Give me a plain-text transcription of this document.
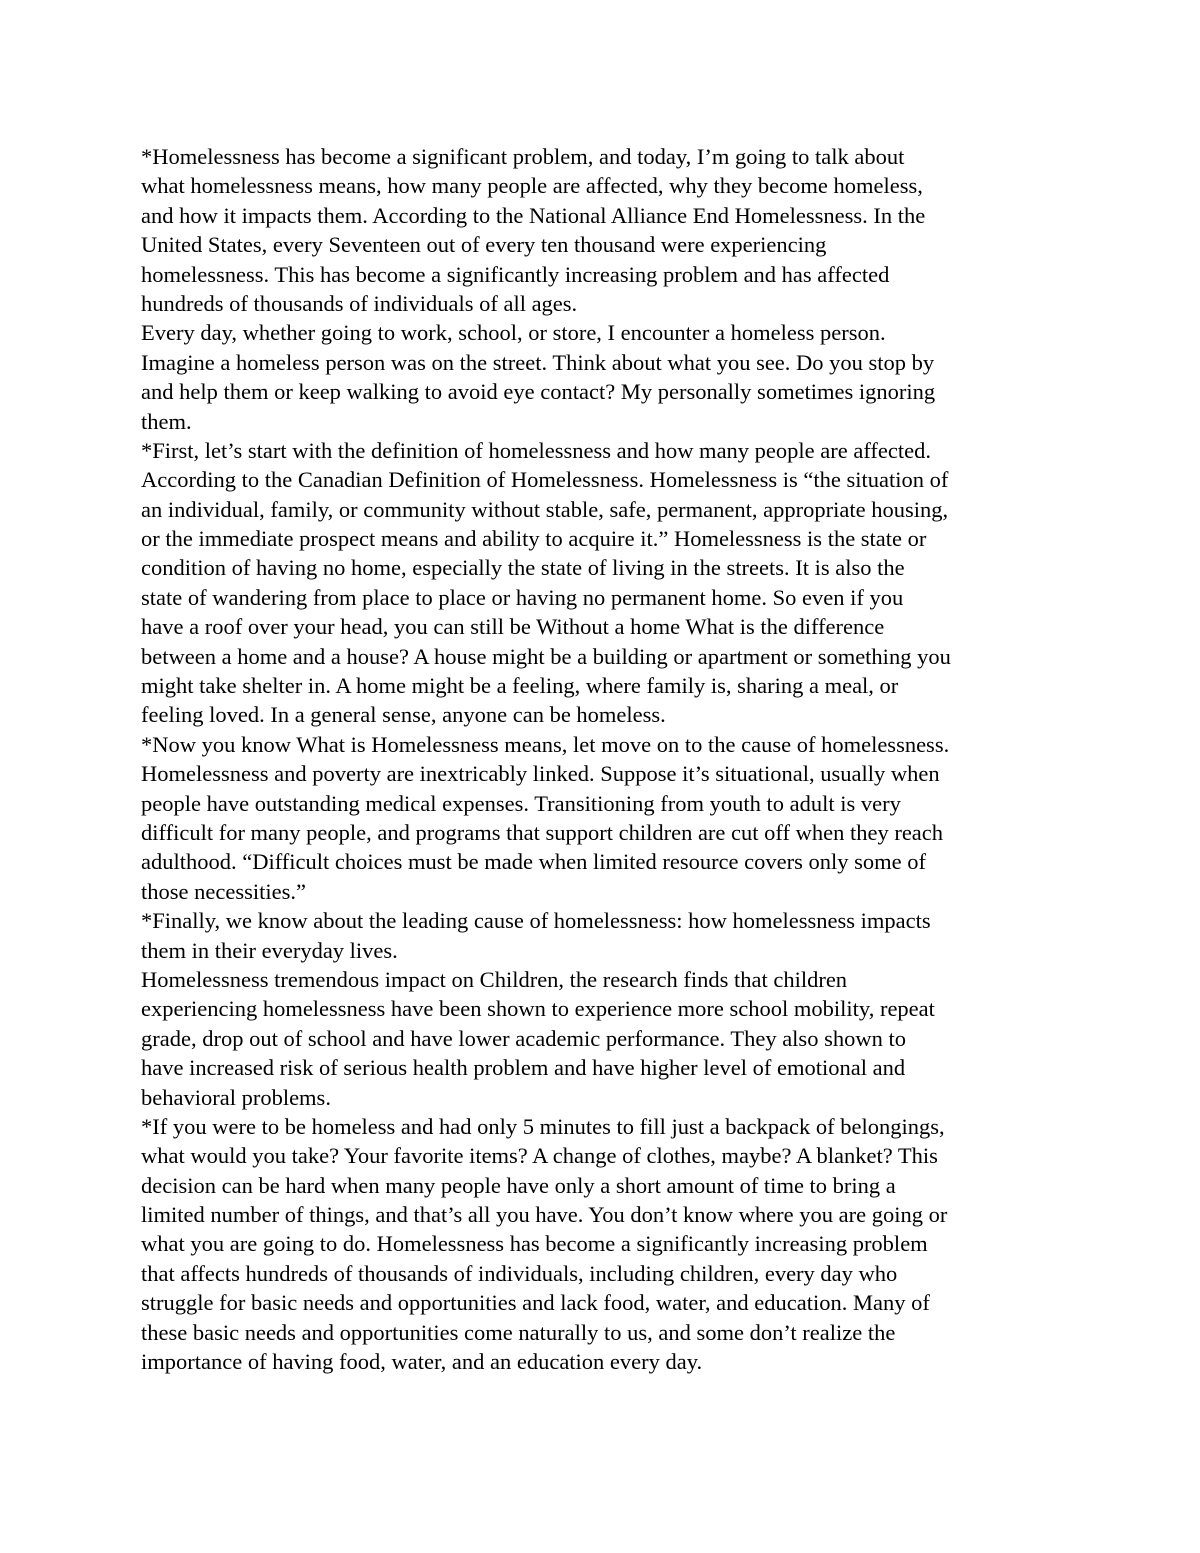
*Homelessness has become a significant problem, and today, I’m going to talk about
what homelessness means, how many people are affected, why they become homeless,
and how it impacts them. According to the National Alliance End Homelessness. In the
United States, every Seventeen out of every ten thousand were experiencing
homelessness. This has become a significantly increasing problem and has affected
hundreds of thousands of individuals of all ages.
Every day, whether going to work, school, or store, I encounter a homeless person.
Imagine a homeless person was on the street. Think about what you see. Do you stop by
and help them or keep walking to avoid eye contact? My personally sometimes ignoring
them.
*First, let’s start with the definition of homelessness and how many people are affected.
According to the Canadian Definition of Homelessness. Homelessness is “the situation of
an individual, family, or community without stable, safe, permanent, appropriate housing,
or the immediate prospect means and ability to acquire it.” Homelessness is the state or
condition of having no home, especially the state of living in the streets. It is also the
state of wandering from place to place or having no permanent home. So even if you
have a roof over your head, you can still be Without a home What is the difference
between a home and a house? A house might be a building or apartment or something you
might take shelter in. A home might be a feeling, where family is, sharing a meal, or
feeling loved. In a general sense, anyone can be homeless.
*Now you know What is Homelessness means, let move on to the cause of homelessness.
Homelessness and poverty are inextricably linked. Suppose it’s situational, usually when
people have outstanding medical expenses. Transitioning from youth to adult is very
difficult for many people, and programs that support children are cut off when they reach
adulthood. “Difficult choices must be made when limited resource covers only some of
those necessities.”
*Finally, we know about the leading cause of homelessness: how homelessness impacts
them in their everyday lives.
Homelessness tremendous impact on Children, the research finds that children
experiencing homelessness have been shown to experience more school mobility, repeat
grade, drop out of school and have lower academic performance. They also shown to
have increased risk of serious health problem and have higher level of emotional and
behavioral problems.
*If you were to be homeless and had only 5 minutes to fill just a backpack of belongings,
what would you take? Your favorite items? A change of clothes, maybe? A blanket? This
decision can be hard when many people have only a short amount of time to bring a
limited number of things, and that’s all you have. You don’t know where you are going or
what you are going to do. Homelessness has become a significantly increasing problem
that affects hundreds of thousands of individuals, including children, every day who
struggle for basic needs and opportunities and lack food, water, and education. Many of
these basic needs and opportunities come naturally to us, and some don’t realize the
importance of having food, water, and an education every day.
